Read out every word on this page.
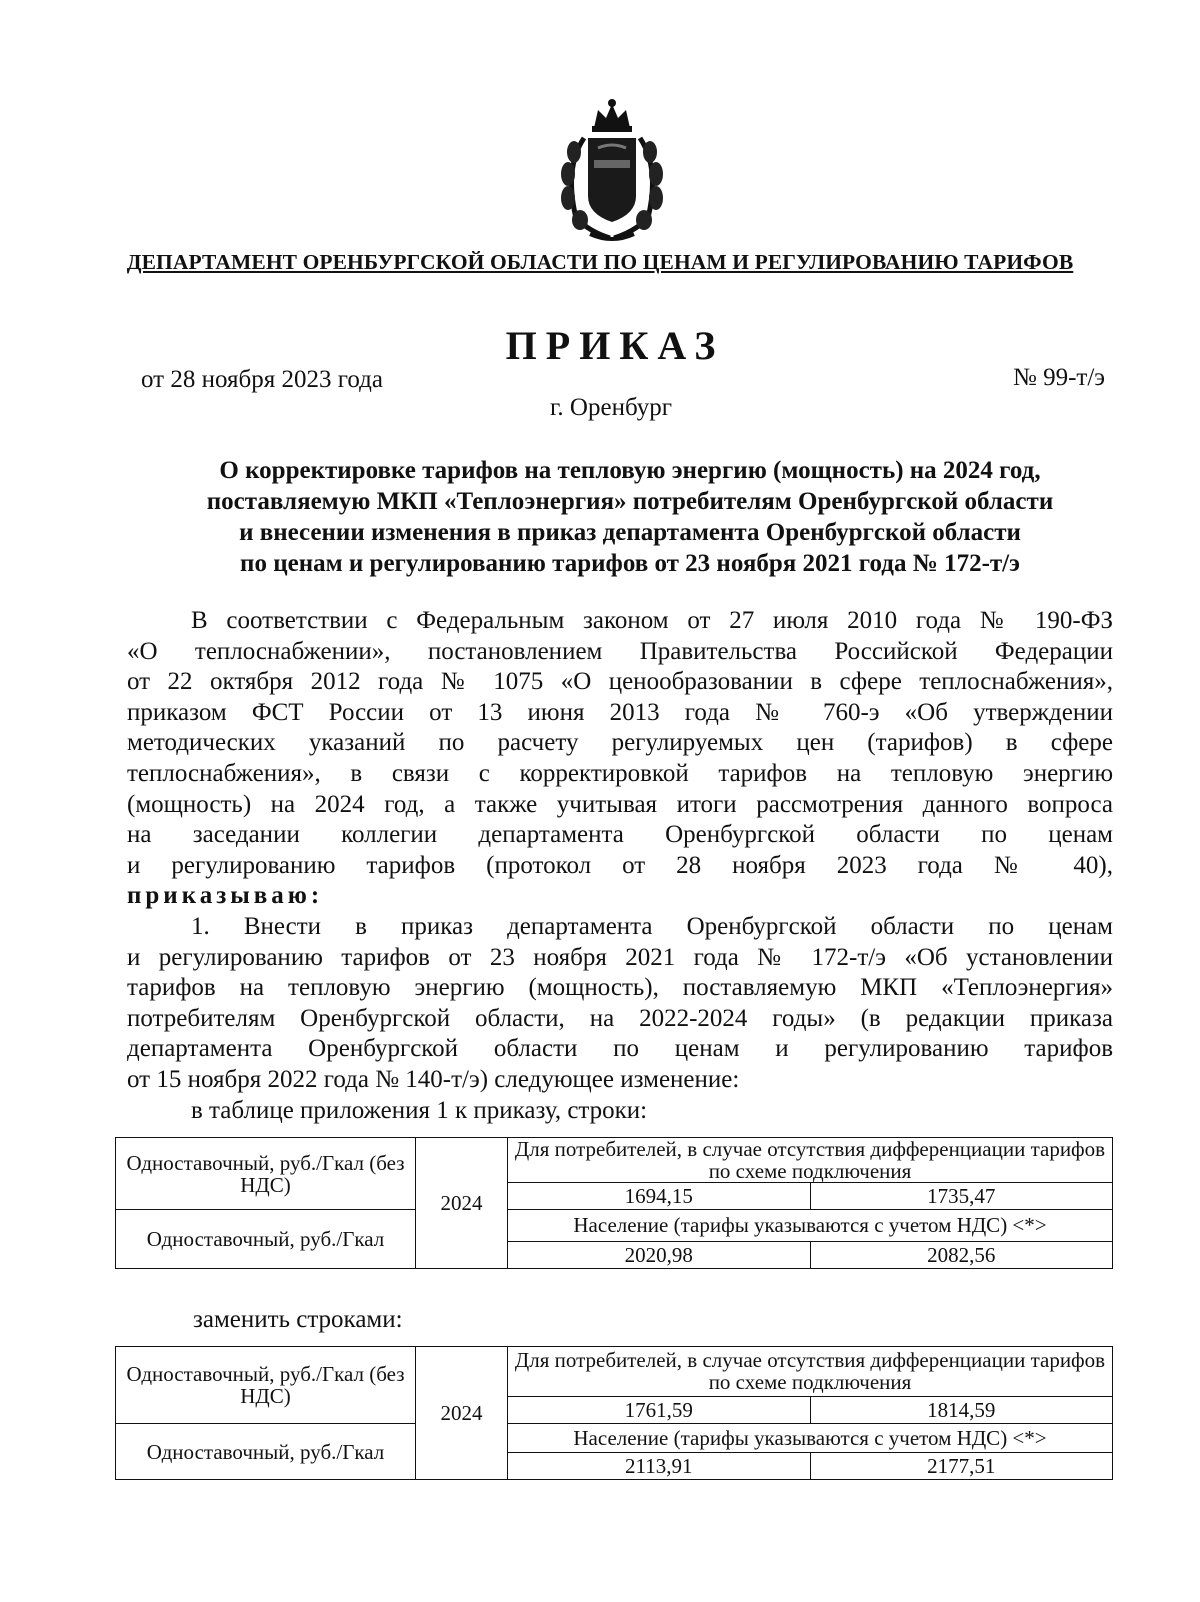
ДЕПАРТАМЕНТ ОРЕНБУРГСКОЙ ОБЛАСТИ ПО ЦЕНАМ И РЕГУЛИРОВАНИЮ ТАРИФОВ
ПРИКАЗ
от 28 ноября 2023 года	№ 99-т/э
г. Оренбург
О корректировке тарифов на тепловую энергию (мощность) на 2024 год,
поставляемую МКП «Теплоэнергия» потребителям Оренбургской области
и внесении изменения в приказ департамента Оренбургской области
по ценам и регулированию тарифов от 23 ноября 2021 года № 172-т/э
В соответствии с Федеральным законом от 27 июля 2010 года № 190-ФЗ
«О теплоснабжении», постановлением Правительства Российской Федерации
от 22 октября 2012 года № 1075 «О ценообразовании в сфере теплоснабжения»,
приказом ФСТ России от 13 июня 2013 года № 760-э «Об утверждении
методических указаний по расчету регулируемых цен (тарифов) в сфере
теплоснабжения», в связи с корректировкой тарифов на тепловую энергию
(мощность) на 2024 год, а также учитывая итоги рассмотрения данного вопроса
на заседании коллегии департамента Оренбургской области по ценам
и регулированию тарифов (протокол от 28 ноября 2023 года № 40),
приказываю:
1. Внести в приказ департамента Оренбургской области по ценам
и регулированию тарифов от 23 ноября 2021 года № 172-т/э «Об установлении
тарифов на тепловую энергию (мощность), поставляемую МКП «Теплоэнергия»
потребителям Оренбургской области, на 2022-2024 годы» (в редакции приказа
департамента Оренбургской области по ценам и регулированию тарифов
от 15 ноября 2022 года № 140-т/э) следующее изменение:
в таблице приложения 1 к приказу, строки:
Одноставочный, руб./Гкал (без НДС)	2024	Для потребителей, в случае отсутствия дифференциации тарифов по схеме подключения	
		1694,15	1735,47
Одноставочный, руб./Гкал		Население (тарифы указываются с учетом НДС) <*>	
		2020,98	2082,56
заменить строками:
Одноставочный, руб./Гкал (без НДС)	2024	Для потребителей, в случае отсутствия дифференциации тарифов по схеме подключения	
		1761,59	1814,59
Одноставочный, руб./Гкал		Население (тарифы указываются с учетом НДС) <*>	
		2113,91	2177,51
